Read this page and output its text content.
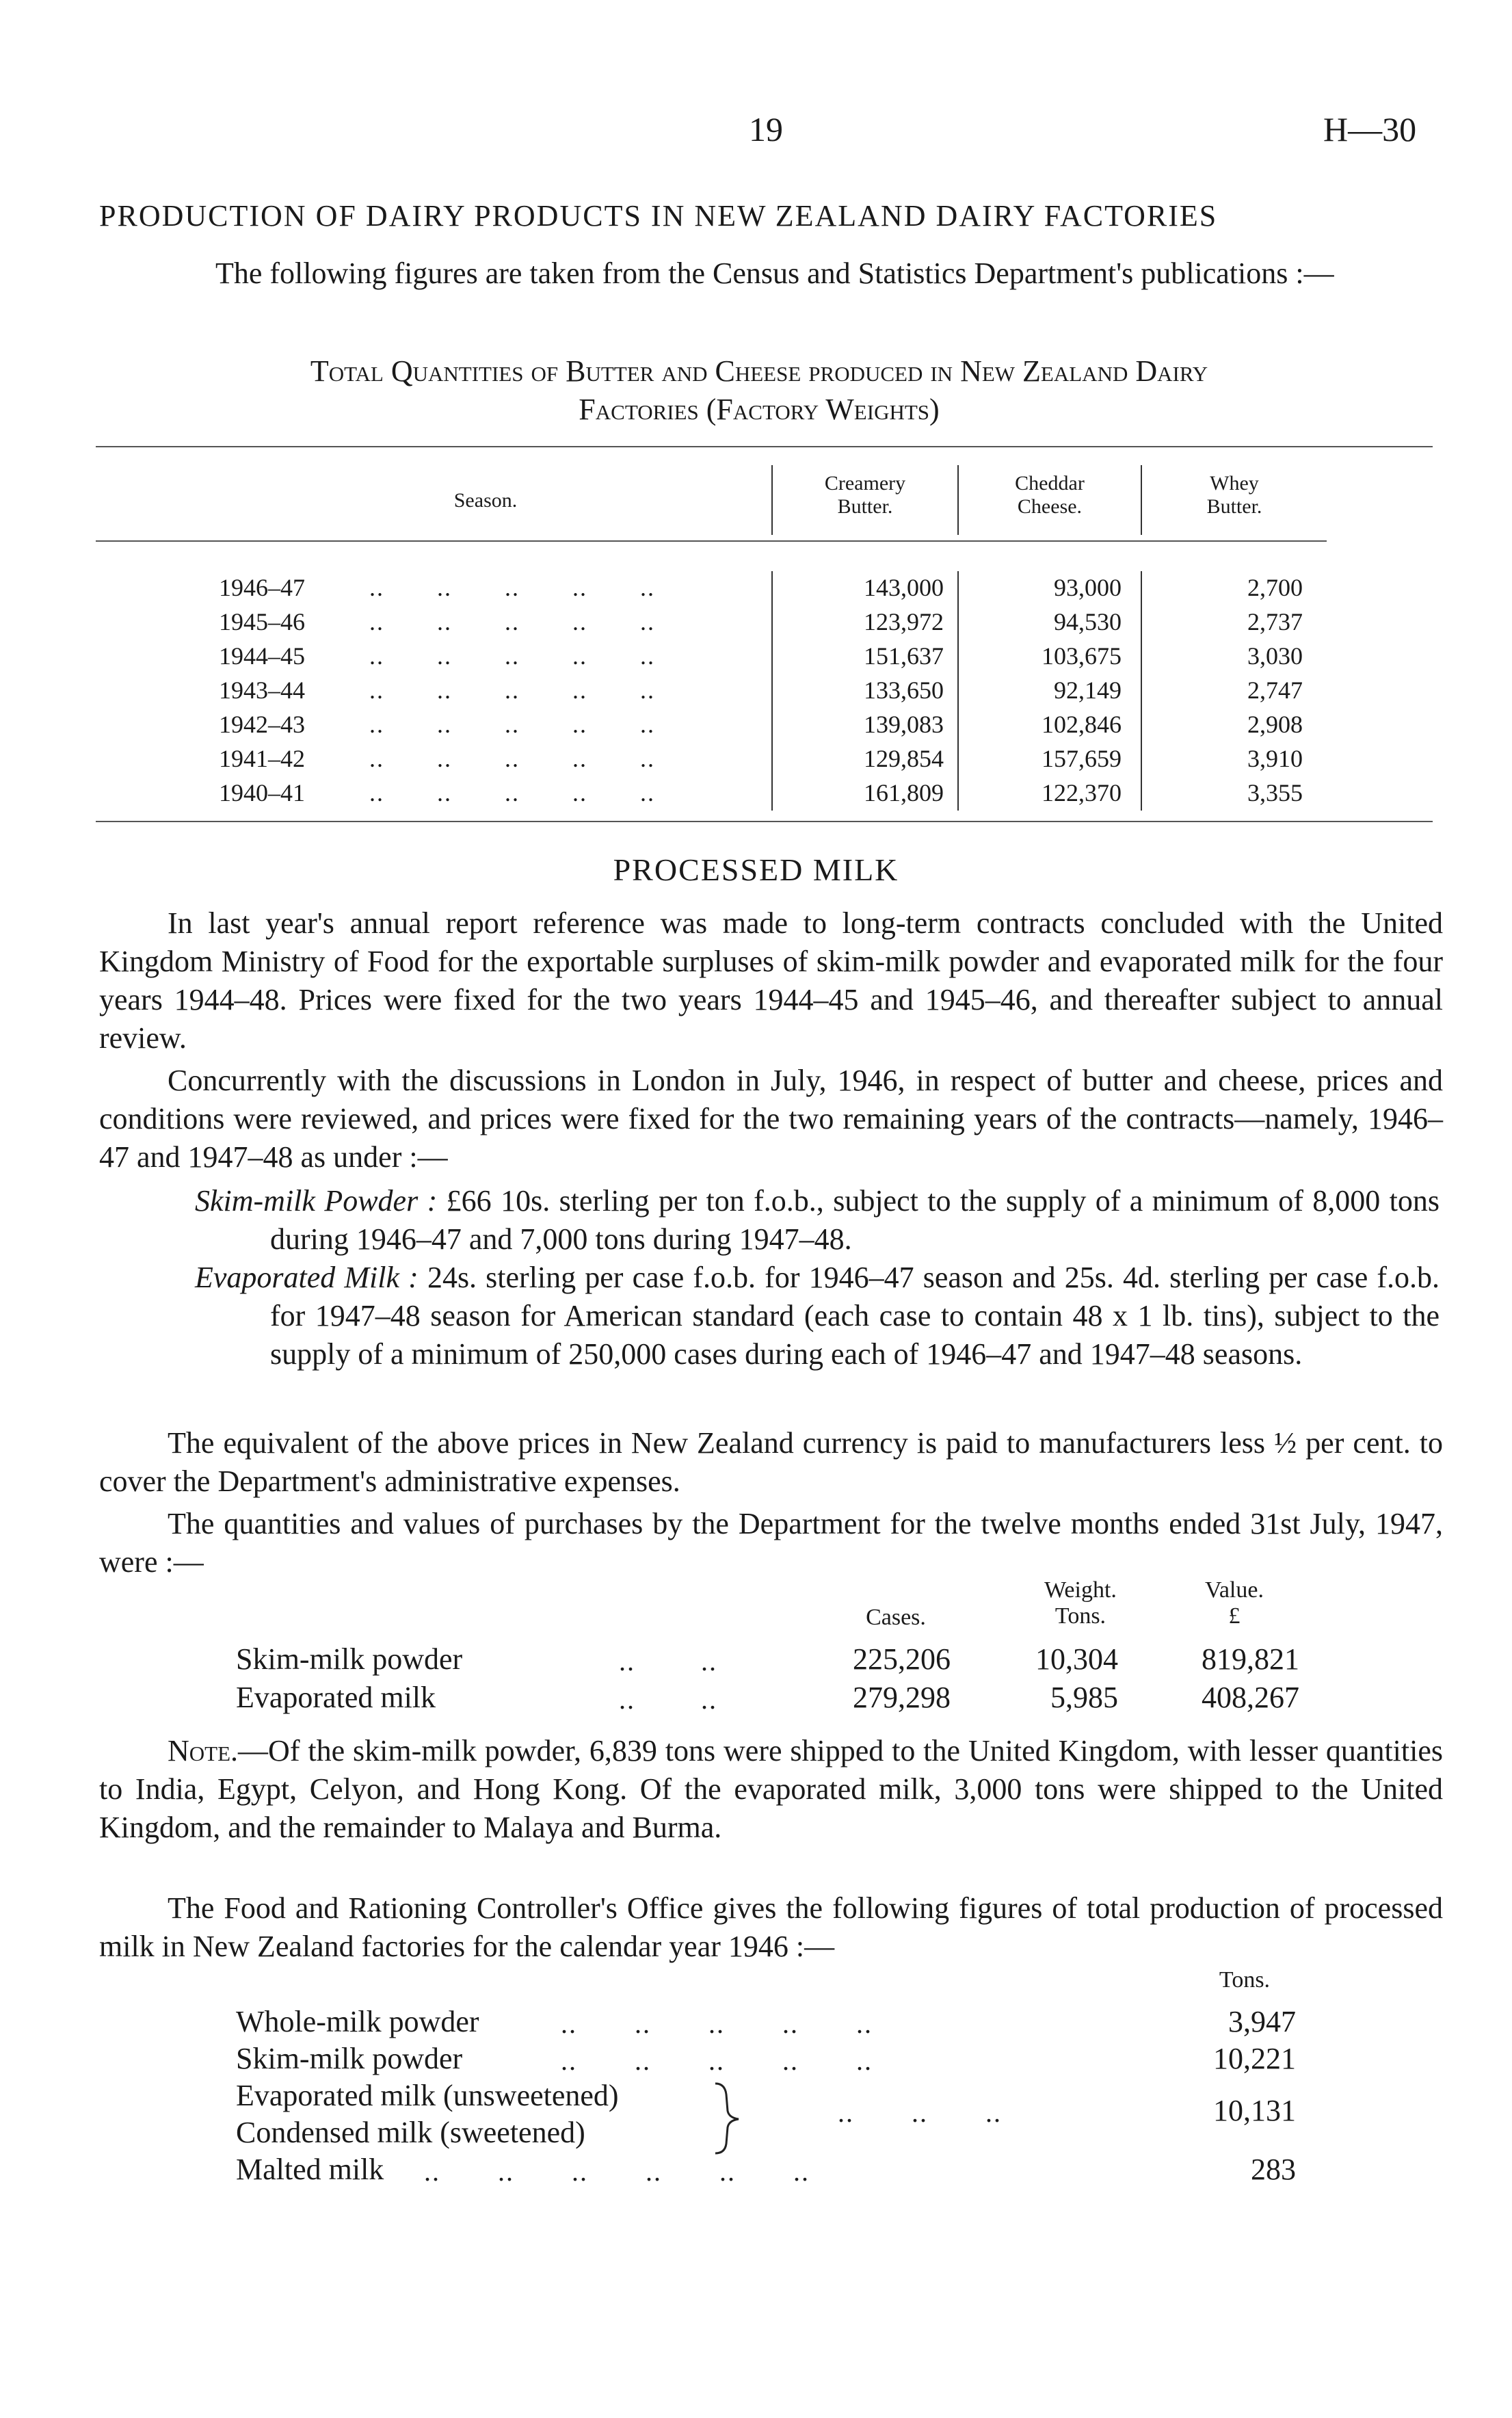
19	H—30
PRODUCTION OF DAIRY PRODUCTS IN NEW ZEALAND DAIRY FACTORIES
The following figures are taken from the Census and Statistics Department's publications :—
Total Quantities of Butter and Cheese produced in New Zealand Dairy
Factories (Factory Weights)
Season.
Creamery
Butter.
Cheddar
Cheese.
Whey
Butter.
1946–47	..       ..       ..       ..       ..	143,000	93,000	2,700
1945–46	..       ..       ..       ..       ..	123,972	94,530	2,737
1944–45	..       ..       ..       ..       ..	151,637	103,675	3,030
1943–44	..       ..       ..       ..       ..	133,650	92,149	2,747
1942–43	..       ..       ..       ..       ..	139,083	102,846	2,908
1941–42	..       ..       ..       ..       ..	129,854	157,659	3,910
1940–41	..       ..       ..       ..       ..	161,809	122,370	3,355
PROCESSED MILK
In last year's annual report reference was made to long-term contracts concluded with the United Kingdom Ministry of Food for the exportable surpluses of skim-milk powder and evaporated milk for the four years 1944–48. Prices were fixed for the two years 1944–45 and 1945–46, and thereafter subject to annual review.
Concurrently with the discussions in London in July, 1946, in respect of butter and cheese, prices and conditions were reviewed, and prices were fixed for the two remaining years of the contracts—namely, 1946–47 and 1947–48 as under :—
Skim-milk Powder : £66 10s. sterling per ton f.o.b., subject to the supply of a minimum of 8,000 tons during 1946–47 and 7,000 tons during 1947–48.
Evaporated Milk : 24s. sterling per case f.o.b. for 1946–47 season and 25s. 4d. sterling per case f.o.b. for 1947–48 season for American standard (each case to contain 48 x 1 lb. tins), subject to the supply of a minimum of 250,000 cases during each of 1946–47 and 1947–48 seasons.
The equivalent of the above prices in New Zealand currency is paid to manufacturers less ½ per cent. to cover the Department's administrative expenses.
The quantities and values of purchases by the Department for the twelve months ended 31st July, 1947, were :—
Weight.
Tons.
Cases.
Value.
£
Skim-milk powder	..        ..	225,206	10,304	819,821
Evaporated milk	..        ..	279,298	5,985	408,267
Note.—Of the skim-milk powder, 6,839 tons were shipped to the United Kingdom, with lesser quantities to India, Egypt, Celyon, and Hong Kong. Of the evaporated milk, 3,000 tons were shipped to the United Kingdom, and the remainder to Malaya and Burma.
The Food and Rationing Controller's Office gives the following figures of total production of processed milk in New Zealand factories for the calendar year 1946 :—
Tons.
Whole-milk powder	..       ..       ..       ..       ..	3,947
Skim-milk powder	..       ..       ..       ..       ..	10,221
Evaporated milk (unsweetened)
Condensed milk (sweetened)
..       ..       ..	10,131
Malted milk ..       ..       ..       ..       ..       ..	283
